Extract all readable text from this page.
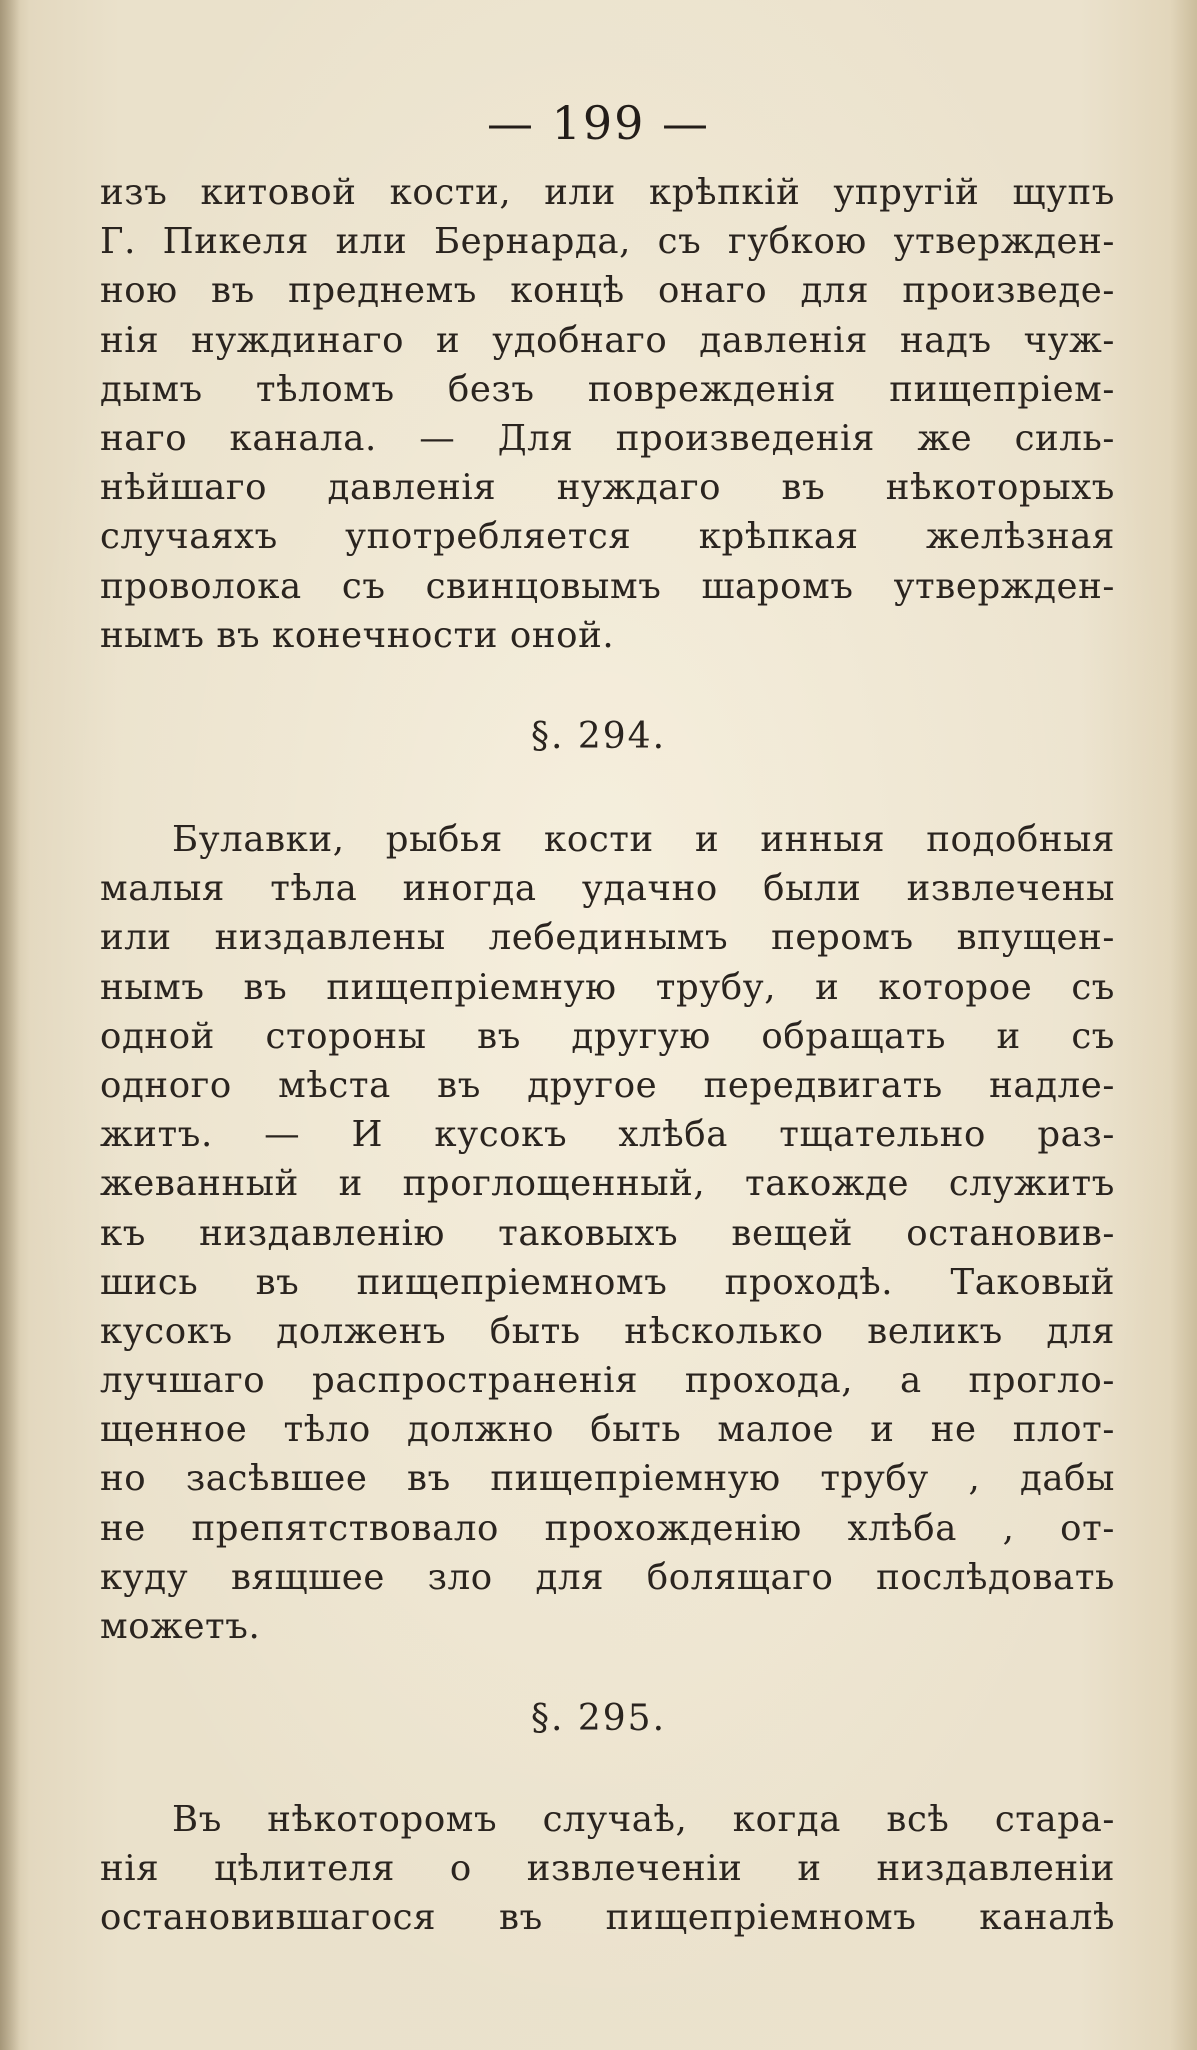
— 199 —
изъ китовой кости, или крѣпкій упругій щупъ
Г. Пикеля или Бернарда, съ губкою утвержден-
ною въ преднемъ концѣ онаго для произведе-
нія нуждинаго и удобнаго давленія надъ чуж-
дымъ тѣломъ безъ поврежденія пищепріем-
наго канала. — Для произведенія же силь-
нѣйшаго давленія нуждаго въ нѣкоторыхъ
случаяхъ употребляется крѣпкая желѣзная
проволока съ свинцовымъ шаромъ утвержден-
нымъ въ конечности оной.
§. 294.
Булавки, рыбья кости и инныя подобныя
малыя тѣла иногда удачно были извлечены
или низдавлены лебединымъ перомъ впущен-
нымъ въ пищепріемную трубу, и которое съ
одной стороны въ другую обращать и съ
одного мѣста въ другое передвигать надле-
житъ. — И кусокъ хлѣба тщательно раз-
жеванный и проглощенный, такожде служитъ
къ низдавленію таковыхъ вещей остановив-
шись въ пищепріемномъ проходѣ. Таковый
кусокъ долженъ быть нѣсколько великъ для
лучшаго распространенія прохода, а прогло-
щенное тѣло должно быть малое и не плот-
но засѣвшее въ пищепріемную трубу , дабы
не препятствовало прохожденію хлѣба , от-
куду вящшее зло для болящаго послѣдовать
можетъ.
§. 295.
Въ нѣкоторомъ случаѣ, когда всѣ стара-
нія цѣлителя о извлеченіи и низдавленіи
остановившагося въ пищепріемномъ каналѣ
